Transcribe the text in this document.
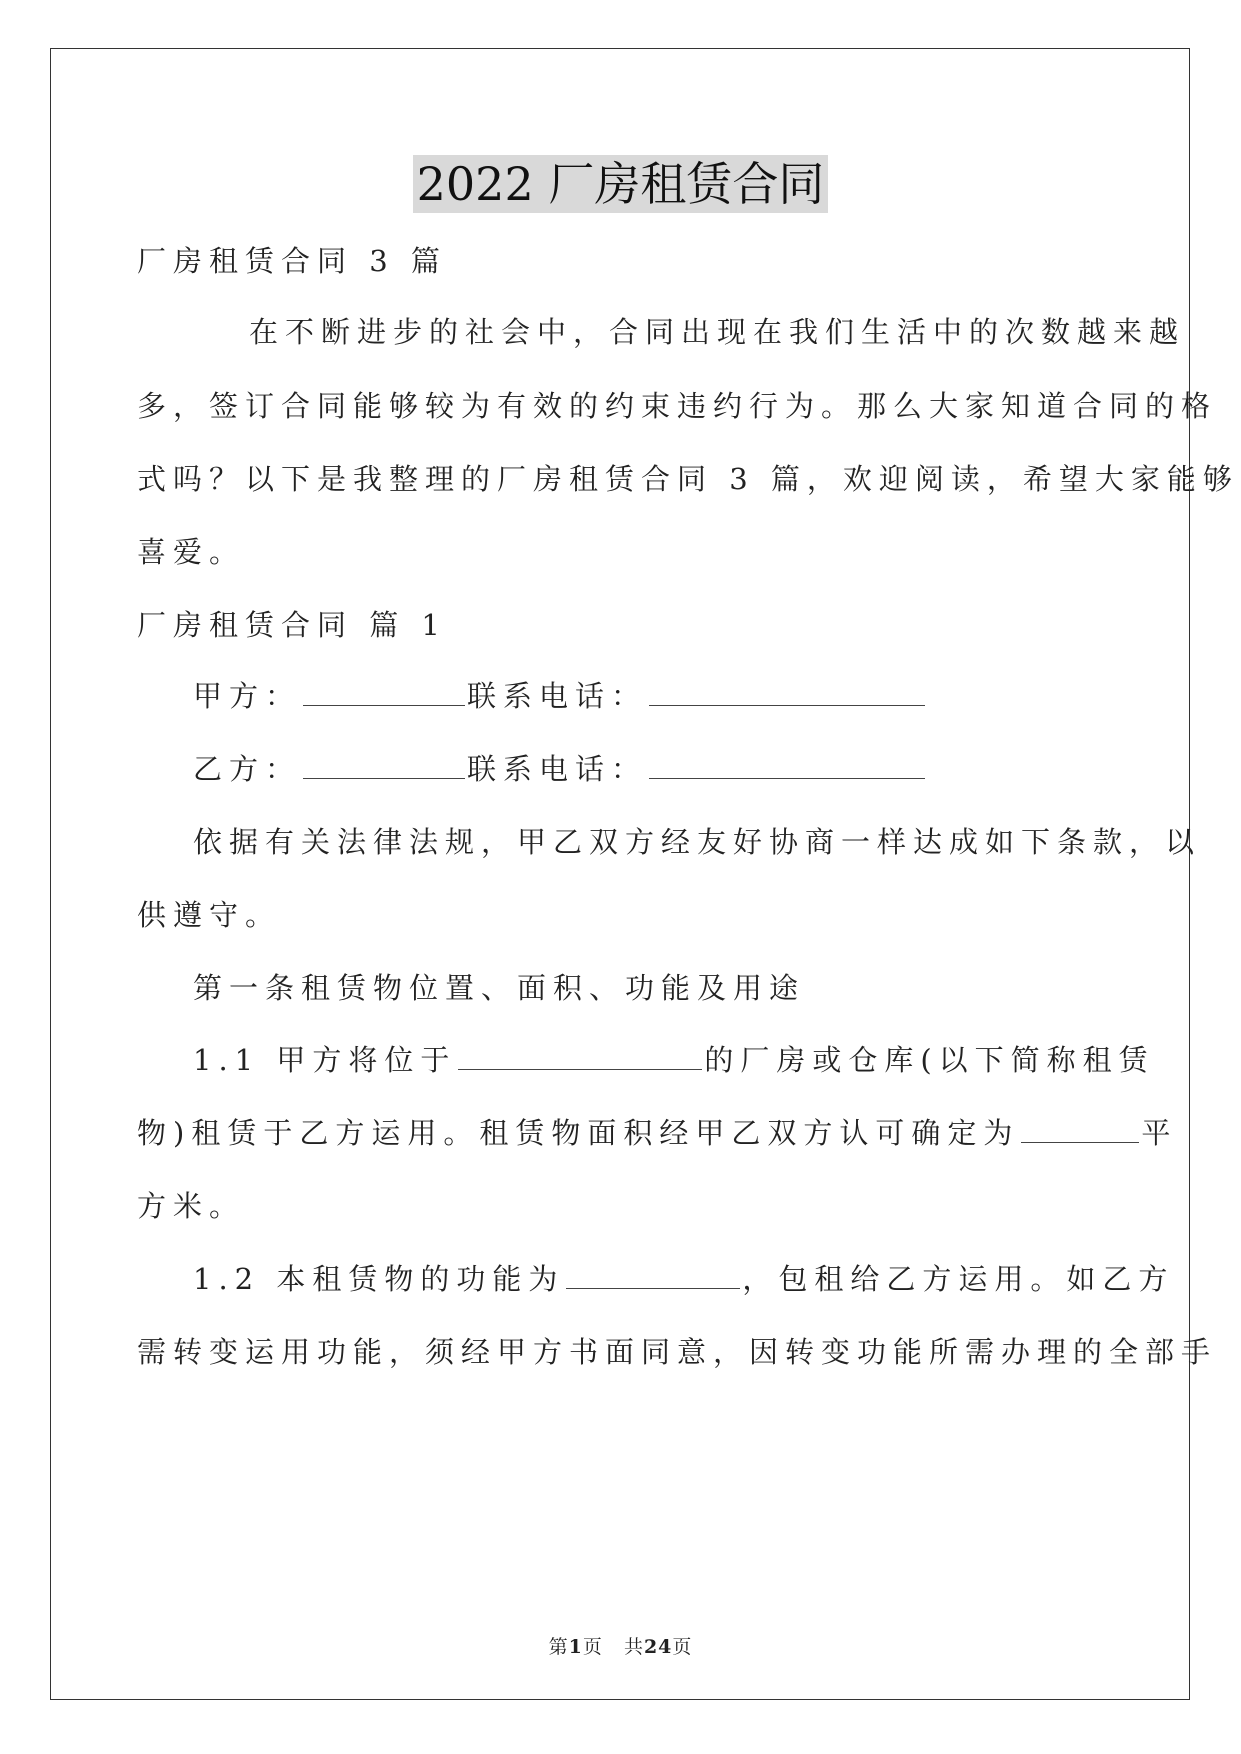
2022 厂房租赁合同
厂房租赁合同 3 篇
在不断进步的社会中，合同出现在我们生活中的次数越来越
多，签订合同能够较为有效的约束违约行为。那么大家知道合同的格
式吗？以下是我整理的厂房租赁合同 3 篇，欢迎阅读，希望大家能够
喜爱。
厂房租赁合同 篇 1
甲方：	联系电话：
乙方：	联系电话：
依据有关法律法规，甲乙双方经友好协商一样达成如下条款，以
供遵守。
第一条租赁物位置、面积、功能及用途
1.1 甲方将位于	的厂房或仓库(以下简称租赁
物)租赁于乙方运用。租赁物面积经甲乙双方认可确定为	平
方米。
1.2 本租赁物的功能为	，包租给乙方运用。如乙方
需转变运用功能，须经甲方书面同意，因转变功能所需办理的全部手
第1页   共24页
